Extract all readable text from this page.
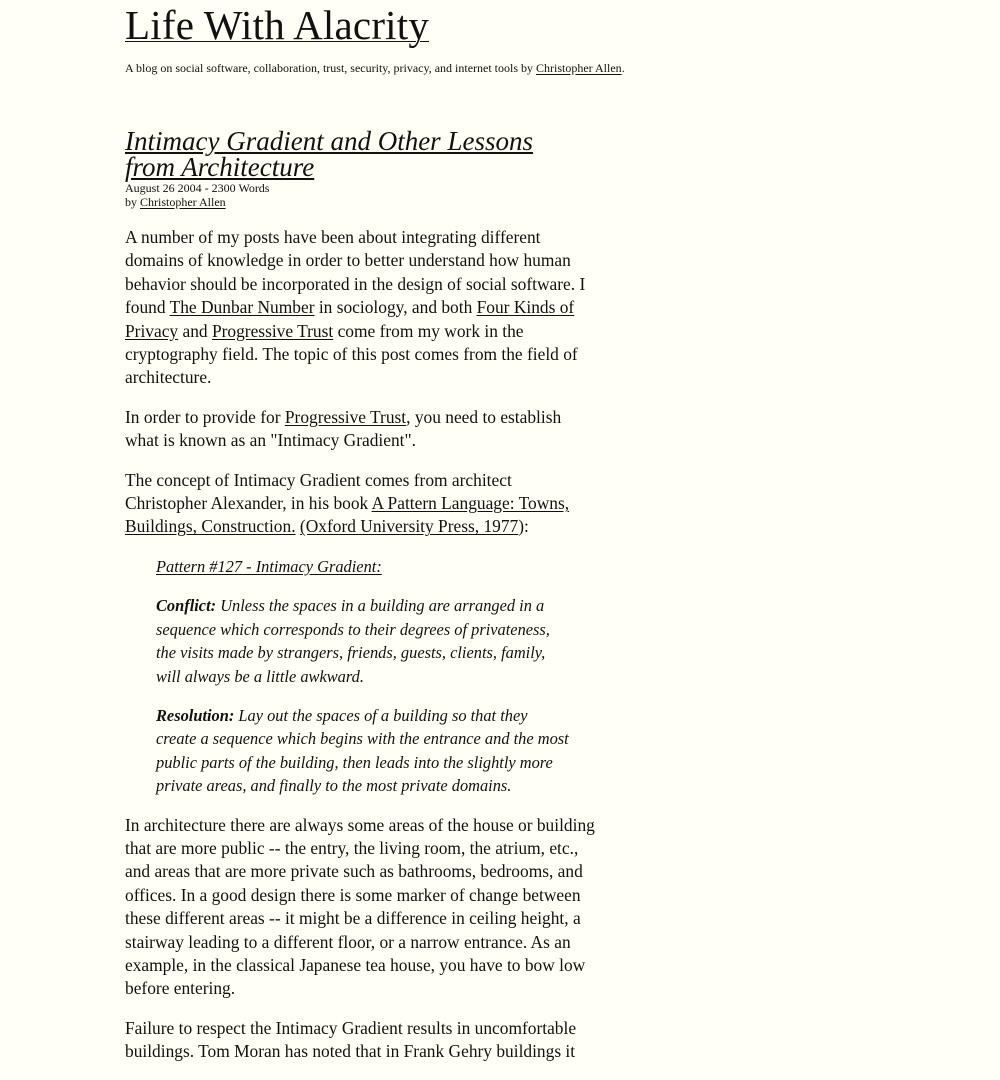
Life With Alacrity

A blog on social software, collaboration, trust, security, privacy, and internet tools by Christopher Allen.

Intimacy Gradient and Other Lessons from Architecture
August 26 2004 - 2300 Words
by Christopher Allen

A number of my posts have been about integrating different domains of knowledge in order to better understand how human behavior should be incorporated in the design of social software. I found The Dunbar Number in sociology, and both Four Kinds of Privacy and Progressive Trust come from my work in the cryptography field. The topic of this post comes from the field of architecture.

In order to provide for Progressive Trust, you need to establish what is known as an "Intimacy Gradient".

The concept of Intimacy Gradient comes from architect Christopher Alexander, in his book A Pattern Language: Towns, Buildings, Construction. (Oxford University Press, 1977):

Pattern #127 - Intimacy Gradient:

Conflict: Unless the spaces in a building are arranged in a sequence which corresponds to their degrees of privateness, the visits made by strangers, friends, guests, clients, family, will always be a little awkward.

Resolution: Lay out the spaces of a building so that they create a sequence which begins with the entrance and the most public parts of the building, then leads into the slightly more private areas, and finally to the most private domains.

In architecture there are always some areas of the house or building that are more public -- the entry, the living room, the atrium, etc., and areas that are more private such as bathrooms, bedrooms, and offices. In a good design there is some marker of change between these different areas -- it might be a difference in ceiling height, a stairway leading to a different floor, or a narrow entrance. As an example, in the classical Japanese tea house, you have to bow low before entering.

Failure to respect the Intimacy Gradient results in uncomfortable buildings. Tom Moran has noted that in Frank Gehry buildings it
